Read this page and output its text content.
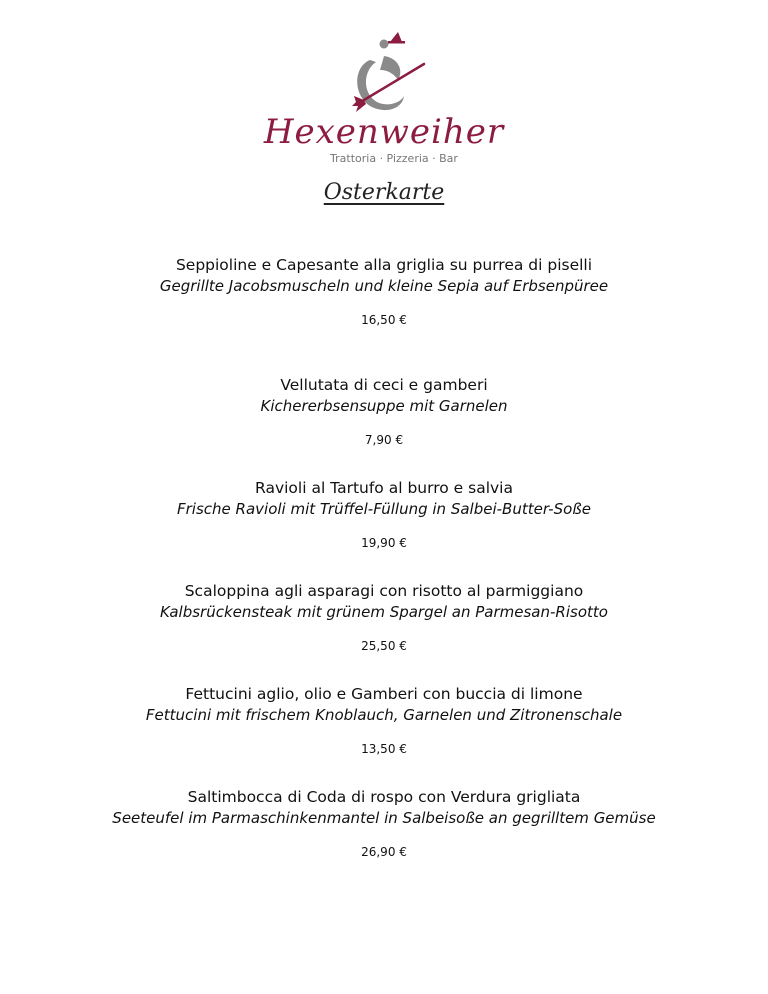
Hexenweiher
Trattoria · Pizzeria · Bar
Osterkarte
Seppioline e Capesante alla griglia su purrea di piselli
Gegrillte Jacobsmuscheln und kleine Sepia auf Erbsenpüree
16,50 €
Vellutata di ceci e gamberi
Kichererbsensuppe mit Garnelen
7,90 €
Ravioli al Tartufo al burro e salvia
Frische Ravioli mit Trüffel-Füllung in Salbei-Butter-Soße
19,90 €
Scaloppina agli asparagi con risotto al parmiggiano
Kalbsrückensteak mit grünem Spargel an Parmesan-Risotto
25,50 €
Fettucini aglio, olio e Gamberi con buccia di limone
Fettucini mit frischem Knoblauch, Garnelen und Zitronenschale
13,50 €
Saltimbocca di Coda di rospo con Verdura grigliata
Seeteufel im Parmaschinkenmantel in Salbeisoße an gegrilltem Gemüse
26,90 €
